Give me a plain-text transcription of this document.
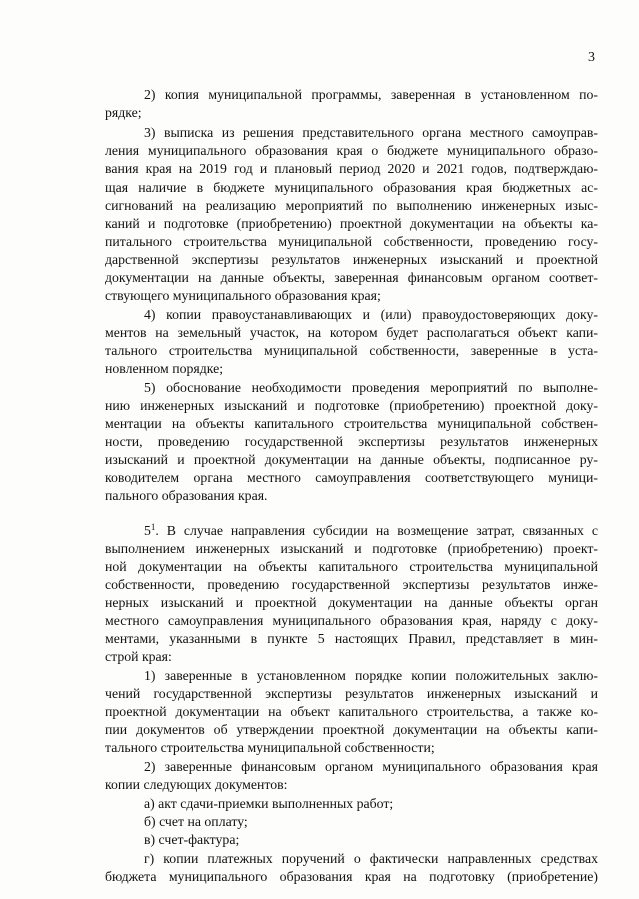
3
2) копия муниципальной программы, заверенная в установленном по-
рядке;
3) выписка из решения представительного органа местного самоуправ-
ления муниципального образования края о бюджете муниципального образо-
вания края на 2019 год и плановый период 2020 и 2021 годов, подтверждаю-
щая наличие в бюджете муниципального образования края бюджетных ас-
сигнований на реализацию мероприятий по выполнению инженерных изыс-
каний и подготовке (приобретению) проектной документации на объекты ка-
питального строительства муниципальной собственности, проведению госу-
дарственной экспертизы результатов инженерных изысканий и проектной
документации на данные объекты, заверенная финансовым органом соответ-
ствующего муниципального образования края;
4) копии правоустанавливающих и (или) правоудостоверяющих доку-
ментов на земельный участок, на котором будет располагаться объект капи-
тального строительства муниципальной собственности, заверенные в уста-
новленном порядке;
5) обоснование необходимости проведения мероприятий по выполне-
нию инженерных изысканий и подготовке (приобретению) проектной доку-
ментации на объекты капитального строительства муниципальной собствен-
ности, проведению государственной экспертизы результатов инженерных
изысканий и проектной документации на данные объекты, подписанное ру-
ководителем органа местного самоуправления соответствующего муници-
пального образования края.
$5^1$. В случае направления субсидии на возмещение затрат, связанных с
выполнением инженерных изысканий и подготовке (приобретению) проект-
ной документации на объекты капитального строительства муниципальной
собственности, проведению государственной экспертизы результатов инже-
нерных изысканий и проектной документации на данные объекты орган
местного самоуправления муниципального образования края, наряду с доку-
ментами, указанными в пункте 5 настоящих Правил, представляет в мин-
строй края:
1) заверенные в установленном порядке копии положительных заклю-
чений государственной экспертизы результатов инженерных изысканий и
проектной документации на объект капитального строительства, а также ко-
пии документов об утверждении проектной документации на объекты капи-
тального строительства муниципальной собственности;
2) заверенные финансовым органом муниципального образования края
копии следующих документов:
а) акт сдачи-приемки выполненных работ;
б) счет на оплату;
в) счет-фактура;
г) копии платежных поручений о фактически направленных средствах
бюджета муниципального образования края на подготовку (приобретение)
